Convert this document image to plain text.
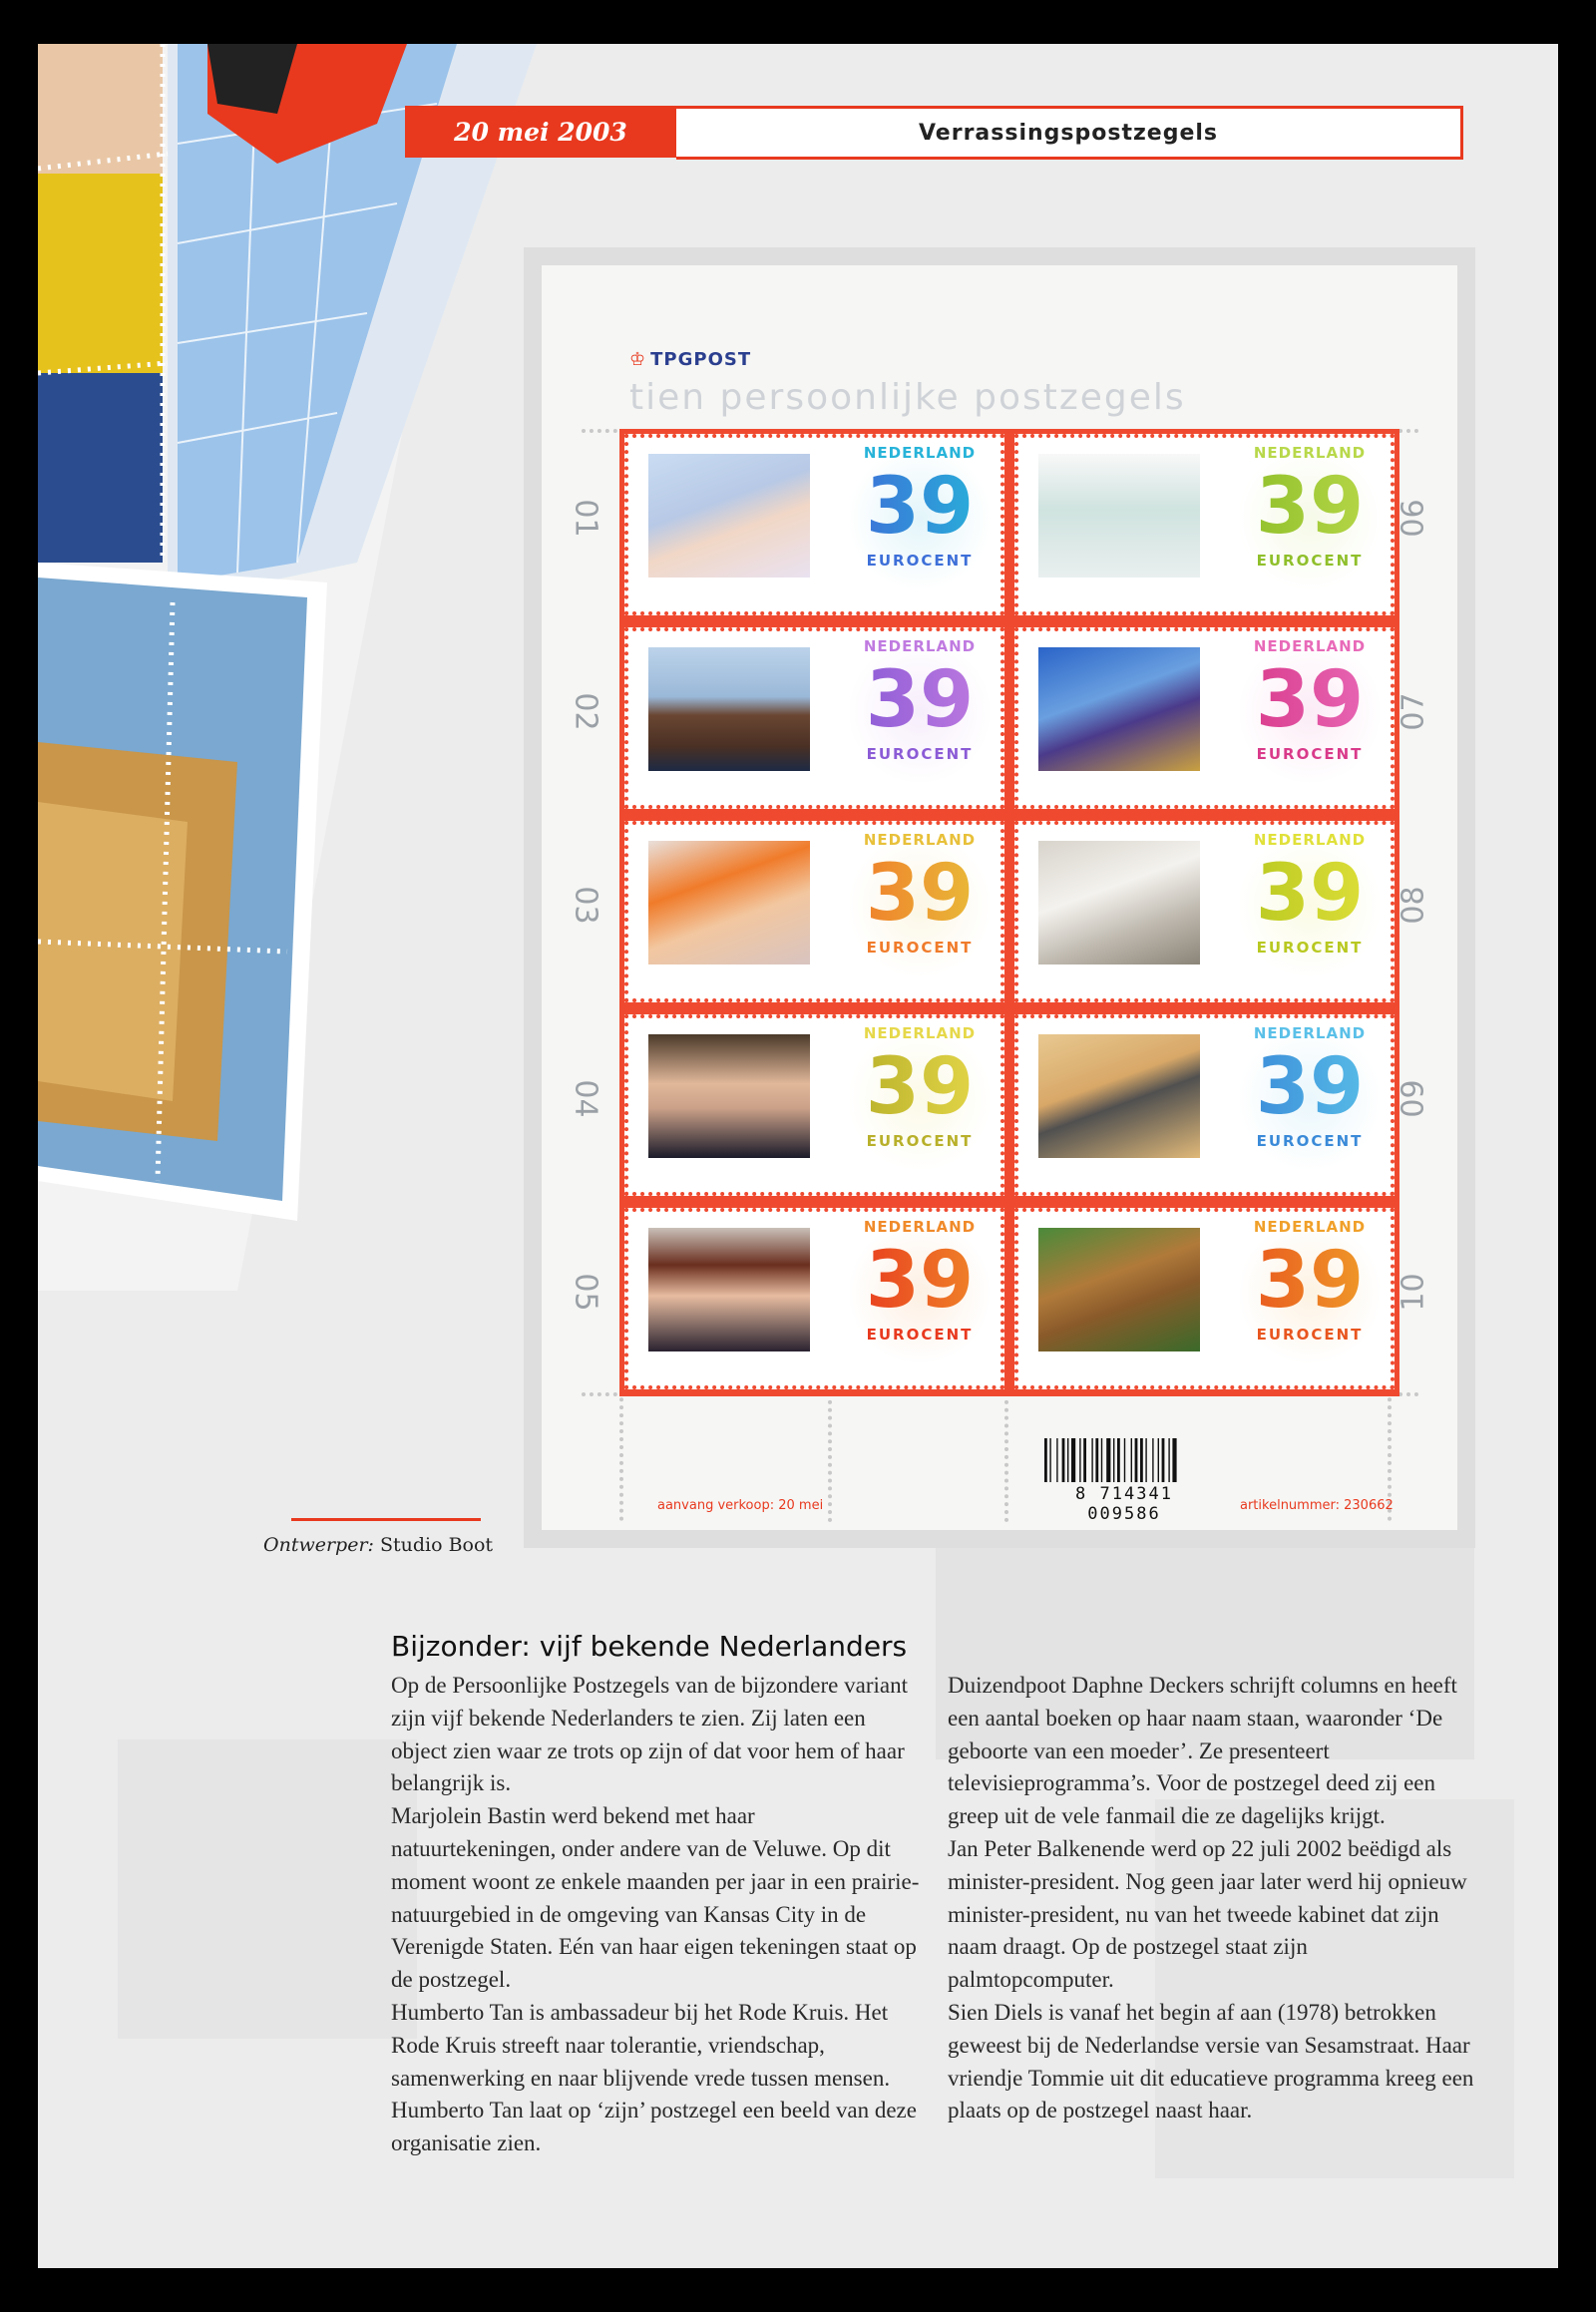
20 mei 2003	Verrassingspostzegels
♔ TPGPOST
tien persoonlijke postzegels
NEDERLAND
39
EUROCENT
NEDERLAND
39
EUROCENT
NEDERLAND
39
EUROCENT
NEDERLAND
39
EUROCENT
NEDERLAND
39
EUROCENT
NEDERLAND
39
EUROCENT
NEDERLAND
39
EUROCENT
NEDERLAND
39
EUROCENT
NEDERLAND
39
EUROCENT
NEDERLAND
39
EUROCENT
8 714341 009586
aanvang verkoop: 20 mei	artikelnummer: 230662
01
02
03
04
05
06
07
08
09
10
Ontwerper: Studio Boot
Bijzonder: vijf bekende Nederlanders

Op de Persoonlijke Postzegels van de bijzondere variant zijn vijf bekende Nederlanders te zien. Zij laten een object zien waar ze trots op zijn of dat voor hem of haar belangrijk is.

Marjolein Bastin werd bekend met haar natuurtekeningen, onder andere van de Veluwe. Op dit moment woont ze enkele maanden per jaar in een prairie-natuurgebied in de omgeving van Kansas City in de Verenigde Staten. Eén van haar eigen tekeningen staat op de postzegel.

Humberto Tan is ambassadeur bij het Rode Kruis. Het Rode Kruis streeft naar tolerantie, vriendschap, samenwerking en naar blijvende vrede tussen mensen. Humberto Tan laat op ‘zijn’ postzegel een beeld van deze organisatie zien.

Duizendpoot Daphne Deckers schrijft columns en heeft een aantal boeken op haar naam staan, waaronder ‘De geboorte van een moeder’. Ze presenteert televisieprogramma’s. Voor de postzegel deed zij een greep uit de vele fanmail die ze dagelijks krijgt.

Jan Peter Balkenende werd op 22 juli 2002 beëdigd als minister-president. Nog geen jaar later werd hij opnieuw minister-president, nu van het tweede kabinet dat zijn naam draagt. Op de postzegel staat zijn palmtopcomputer.

Sien Diels is vanaf het begin af aan (1978) betrokken geweest bij de Nederlandse versie van Sesamstraat. Haar vriendje Tommie uit dit educatieve programma kreeg een plaats op de postzegel naast haar.
